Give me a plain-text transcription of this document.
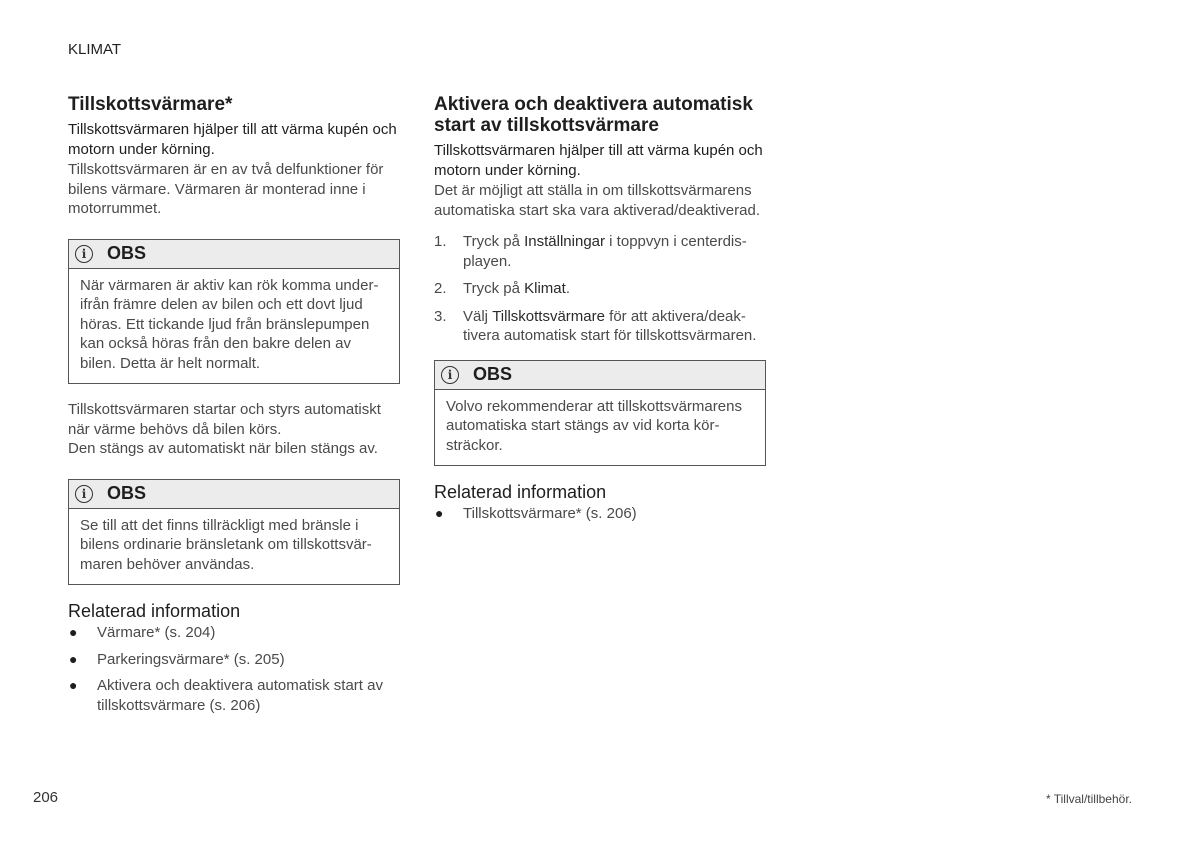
KLIMAT
Tillskottsvärmare*

Tillskottsvärmaren hjälper till att värma kupén och motorn under körning.

Tillskottsvärmaren är en av två delfunktioner för bilens värmare. Värmaren är monterad inne i motorrummet.

i	OBS
När värmaren är aktiv kan rök komma under-ifrån främre delen av bilen och ett dovt ljud höras. Ett tickande ljud från bränslepumpen kan också höras från den bakre delen av bilen. Detta är helt normalt.

Tillskottsvärmaren startar och styrs automatiskt när värme behövs då bilen körs.

Den stängs av automatiskt när bilen stängs av.

i	OBS
Se till att det finns tillräckligt med bränsle i bilens ordinarie bränsletank om tillskottsvär-maren behöver användas.
Relaterad information
● Värmare* (s. 204)
● Parkeringsvärmare* (s. 205)
● Aktivera och deaktivera automatisk start av tillskottsvärmare (s. 206)
Aktivera och deaktivera automatisk start av tillskottsvärmare

Tillskottsvärmaren hjälper till att värma kupén och motorn under körning.

Det är möjligt att ställa in om tillskottsvärmarens automatiska start ska vara aktiverad/deaktiverad.

1. Tryck på Inställningar i toppvyn i centerdis-playen.
2. Tryck på Klimat.
3. Välj Tillskottsvärmare för att aktivera/deak-tivera automatisk start för tillskottsvärmaren.
i	OBS
Volvo rekommenderar att tillskottsvärmarens automatiska start stängs av vid korta kör-sträckor.
Relaterad information
● Tillskottsvärmare* (s. 206)
206	* Tillval/tillbehör.
